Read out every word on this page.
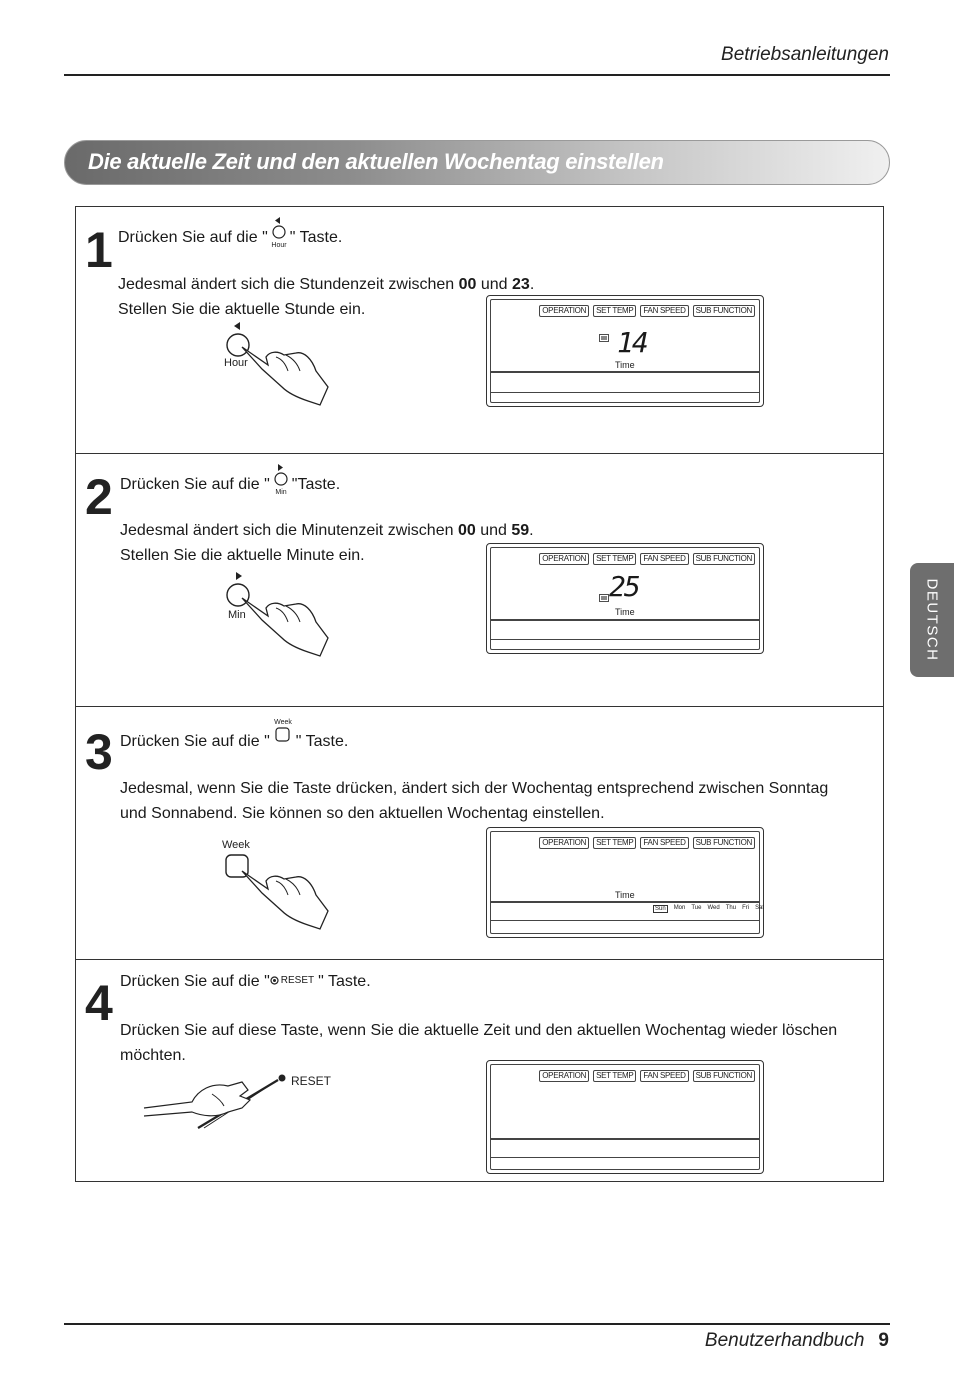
Betriebsanleitungen
Die aktuelle Zeit und den aktuellen Wochentag einstellen
DEUTSCH
1 Drücken Sie auf die " Hour " Taste.
Jedesmal ändert sich die Stundenzeit zwischen 00 und 23.
Stellen Sie die aktuelle Stunde ein.
Hour
OPERATION	SET TEMP	FAN SPEED	SUB FUNCTION
14
Time
2 Drücken Sie auf die " Min "Taste.
Jedesmal ändert sich die Minutenzeit zwischen 00 und 59.
Stellen Sie die aktuelle Minute ein.
Min
OPERATION	SET TEMP	FAN SPEED	SUB FUNCTION
25
Time
3 Drücken Sie auf die "
Week
" Taste.
Jedesmal, wenn Sie die Taste drücken, ändert sich der Wochentag entsprechend zwischen Sonntag
und Sonnabend. Sie können so den aktuellen Wochentag einstellen.
Week	OPERATION	SET TEMP	FAN SPEED	SUB FUNCTION
Time
Sun	Mon Tue Wed Thu Fri Sat
4 Drücken Sie auf die " RESET " Taste.
Drücken Sie auf diese Taste, wenn Sie die aktuelle Zeit und den aktuellen Wochentag wieder löschen
möchten.
RESET	OPERATION	SET TEMP	FAN SPEED	SUB FUNCTION
Benutzerhandbuch 9
